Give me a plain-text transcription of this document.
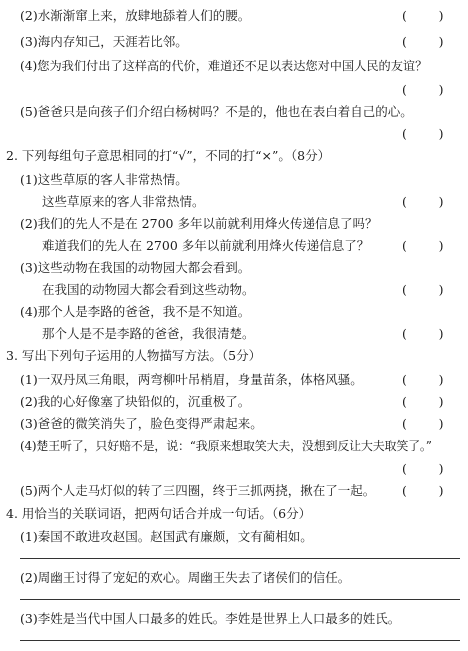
(2)水渐渐窜上来，放肆地舔着人们的腰。	(        )
(3)海内存知己，天涯若比邻。	(        )
(4)您为我们付出了这样高的代价，难道还不足以表达您对中国人民的友谊？
(        )
(5)爸爸只是向孩子们介绍白杨树吗？不是的，他也在表白着自己的心。
(        )
2. 下列每组句子意思相同的打“√”，不同的打“×”。（8分）
(1)这些草原的客人非常热情。
这些草原来的客人非常热情。	(        )
(2)我们的先人不是在 2700 多年以前就利用烽火传递信息了吗？
难道我们的先人在 2700 多年以前就利用烽火传递信息了？	(        )
(3)这些动物在我国的动物园大都会看到。
在我国的动物园大都会看到这些动物。	(        )
(4)那个人是李路的爸爸，我不是不知道。
那个人是不是李路的爸爸，我很清楚。	(        )
3. 写出下列句子运用的人物描写方法。（5分）
(1)一双丹凤三角眼，两弯柳叶吊梢眉，身量苗条，体格风骚。	(        )
(2)我的心好像塞了块铅似的，沉重极了。	(        )
(3)爸爸的微笑消失了，脸色变得严肃起来。	(        )
(4)楚王听了，只好赔不是，说：“我原来想取笑大夫，没想到反让大夫取笑了。”
(        )
(5)两个人走马灯似的转了三四圈，终于三抓两挠，揪在了一起。 (        )
4. 用恰当的关联词语，把两句话合并成一句话。（6分）
(1)秦国不敢进攻赵国。赵国武有廉颇，文有蔺相如。
(2)周幽王讨得了宠妃的欢心。周幽王失去了诸侯们的信任。
(3)李姓是当代中国人口最多的姓氏。李姓是世界上人口最多的姓氏。
